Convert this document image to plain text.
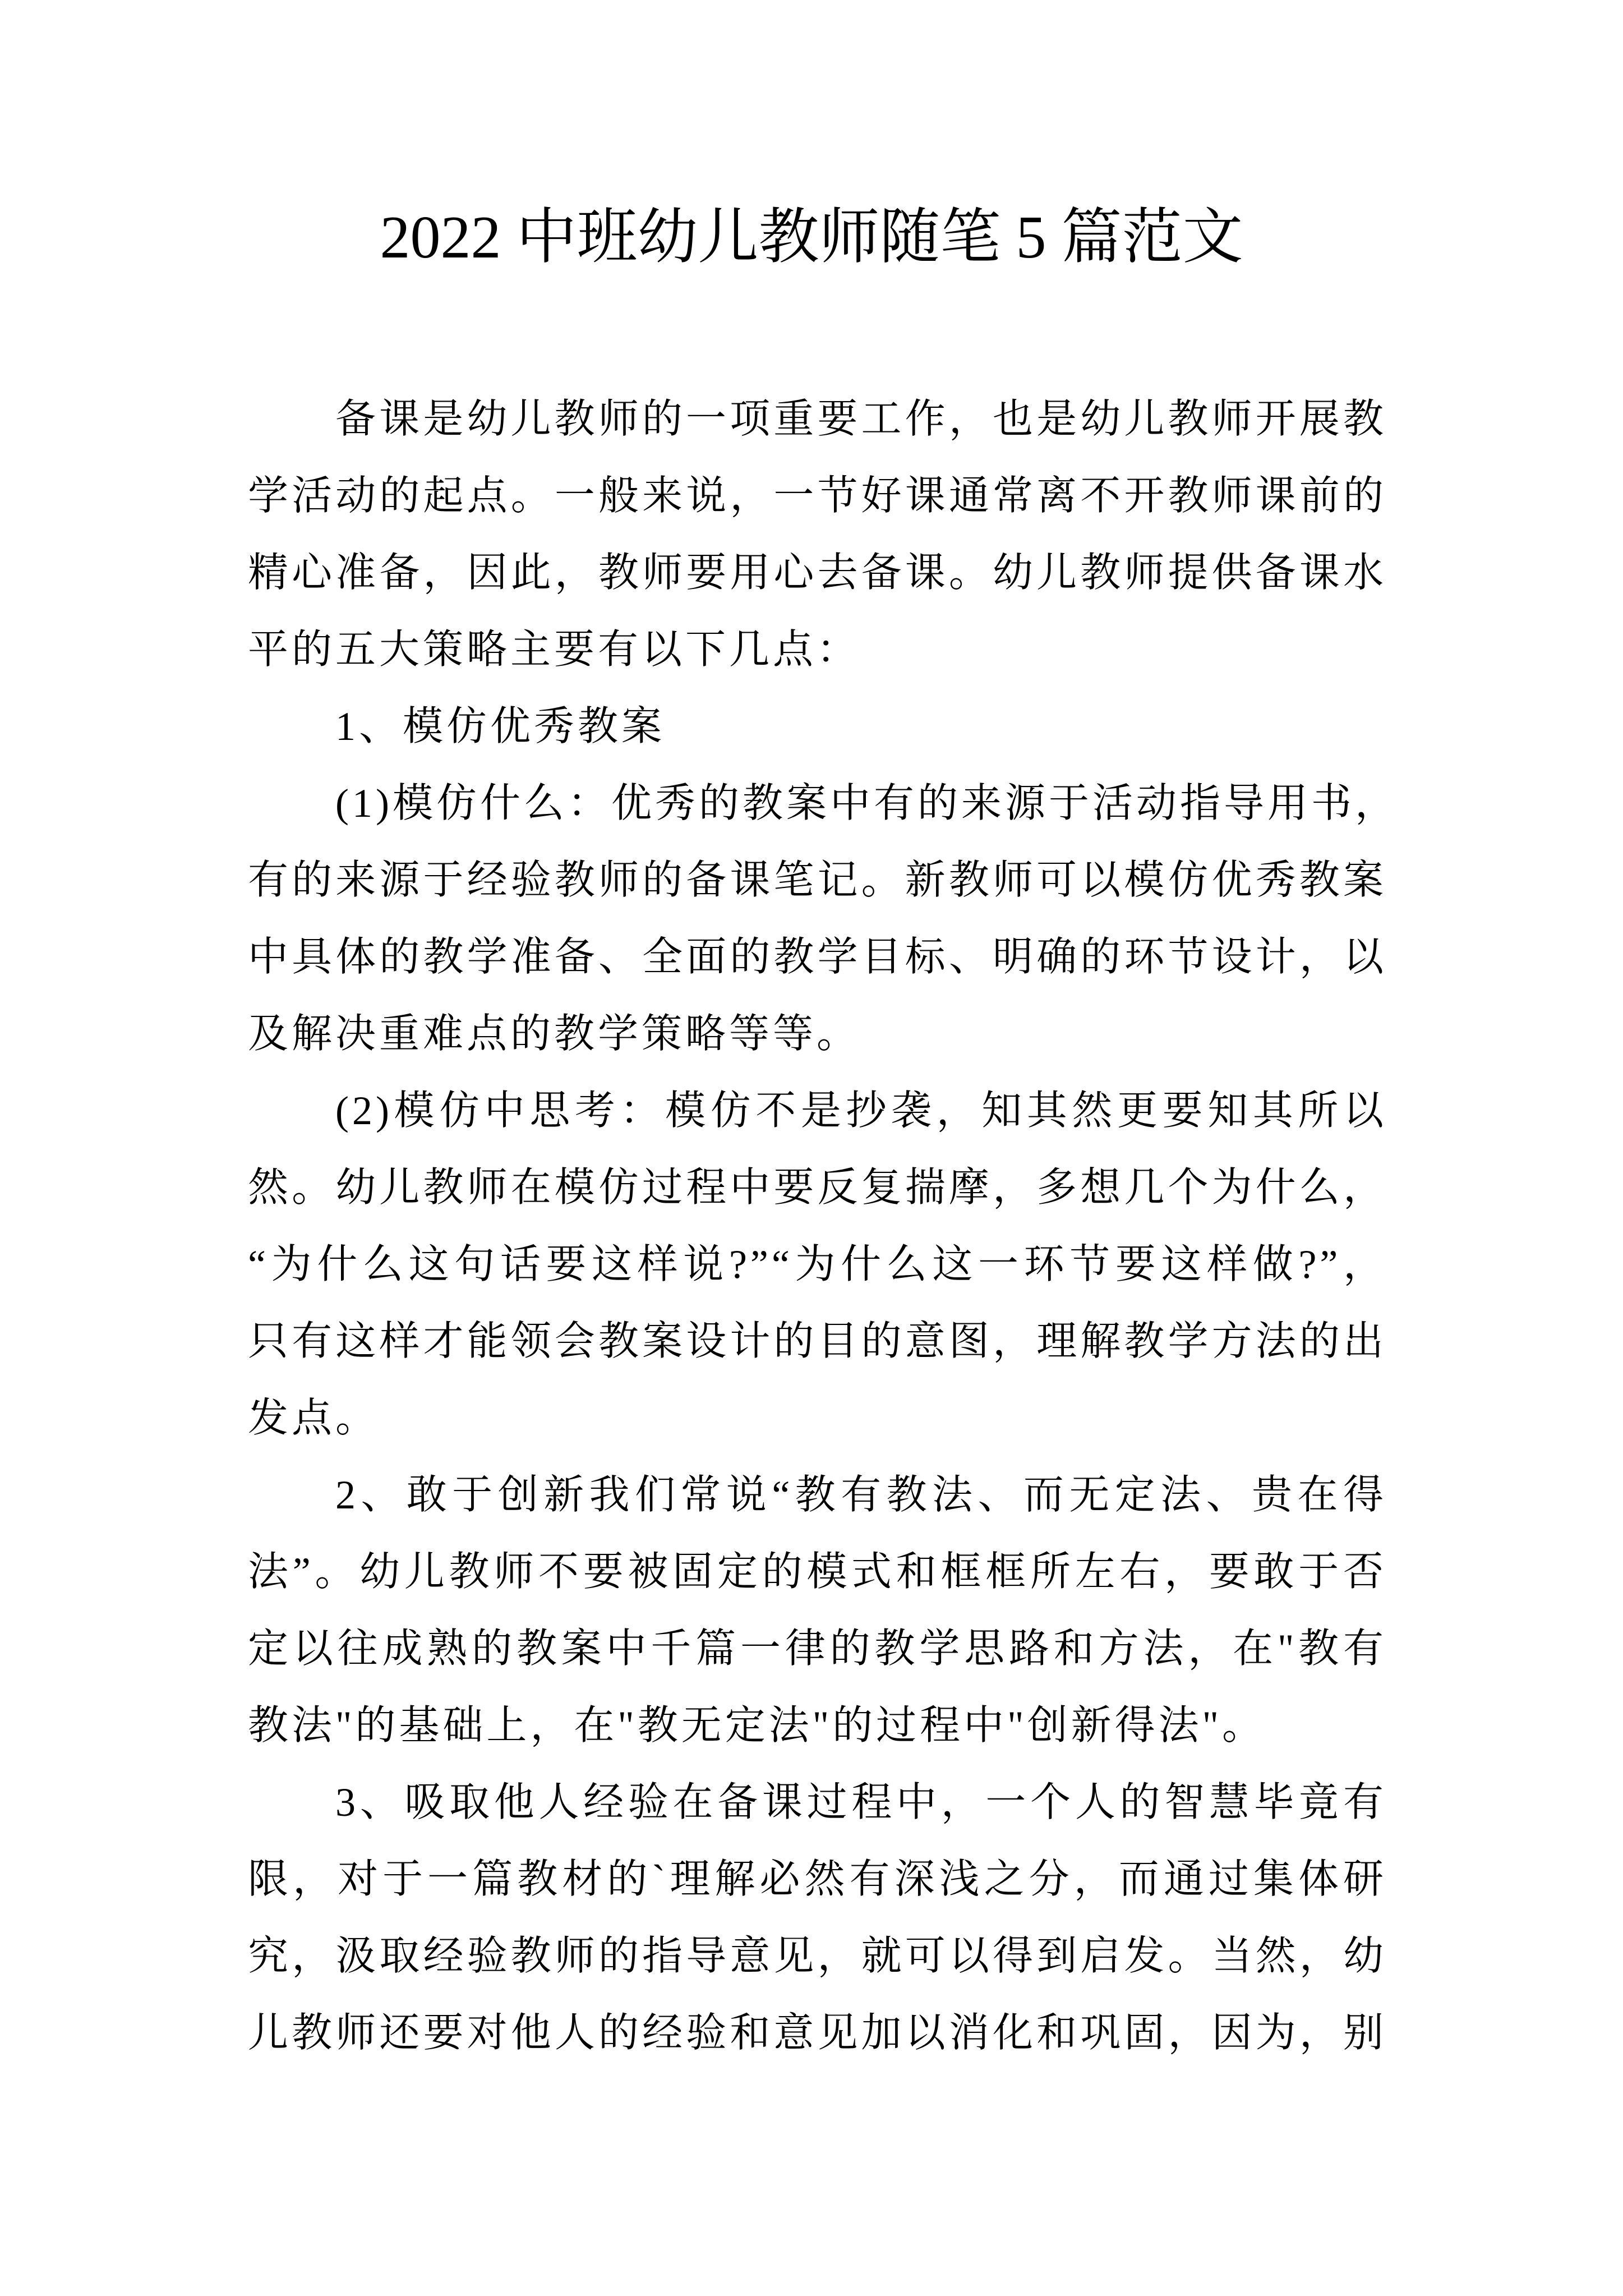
2022 中班幼儿教师随笔 5 篇范文
备课是幼儿教师的一项重要工作，也是幼儿教师开展教
学活动的起点。一般来说，一节好课通常离不开教师课前的
精心准备，因此，教师要用心去备课。幼儿教师提供备课水
平的五大策略主要有以下几点：
1、模仿优秀教案
(1)模仿什么：优秀的教案中有的来源于活动指导用书，
有的来源于经验教师的备课笔记。新教师可以模仿优秀教案
中具体的教学准备、全面的教学目标、明确的环节设计，以
及解决重难点的教学策略等等。
(2)模仿中思考：模仿不是抄袭，知其然更要知其所以
然。幼儿教师在模仿过程中要反复揣摩，多想几个为什么，
“为什么这句话要这样说?”“为什么这一环节要这样做?”，
只有这样才能领会教案设计的目的意图，理解教学方法的出
发点。
2、敢于创新我们常说“教有教法、而无定法、贵在得
法”。幼儿教师不要被固定的模式和框框所左右，要敢于否
定以往成熟的教案中千篇一律的教学思路和方法，在"教有
教法"的基础上，在"教无定法"的过程中"创新得法"。
3、吸取他人经验在备课过程中，一个人的智慧毕竟有
限，对于一篇教材的`理解必然有深浅之分，而通过集体研
究，汲取经验教师的指导意见，就可以得到启发。当然，幼
儿教师还要对他人的经验和意见加以消化和巩固，因为，别
